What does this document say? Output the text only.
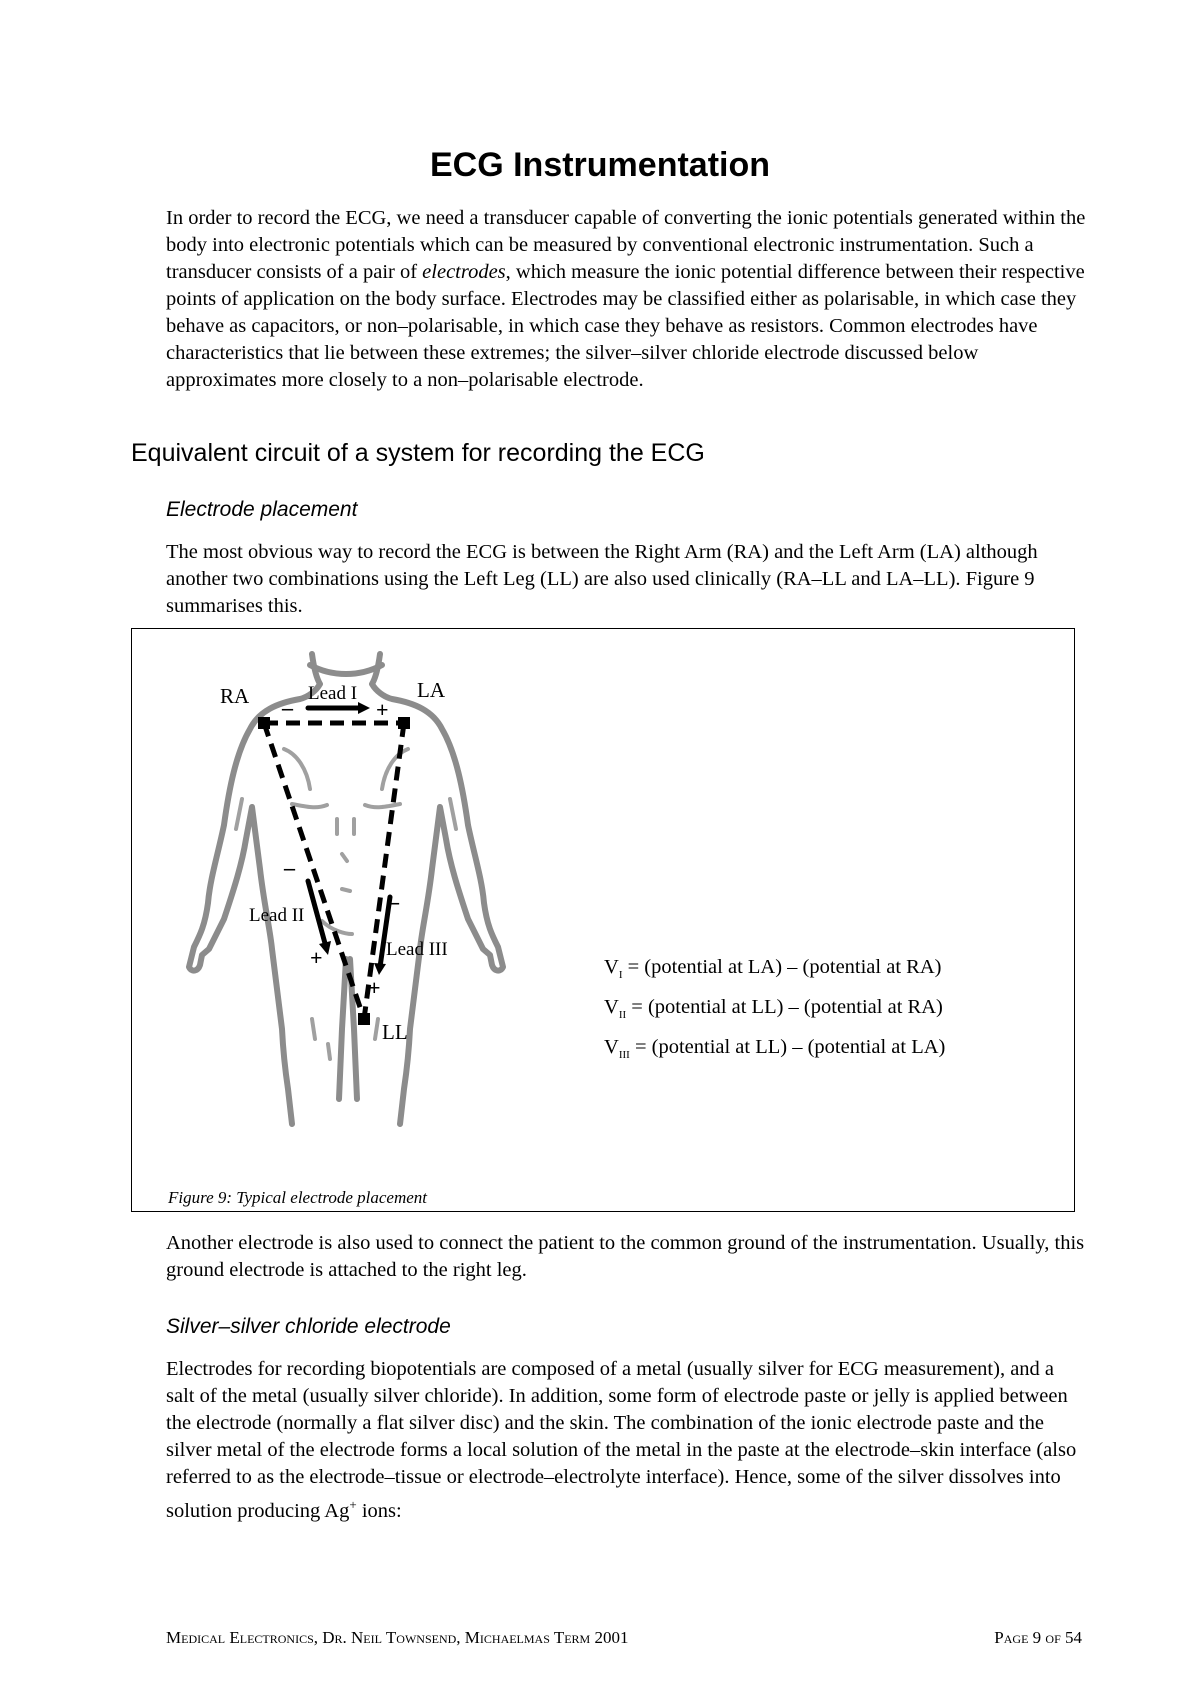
ECG Instrumentation

In order to record the ECG, we need a transducer capable of converting the ionic potentials generated within the body into electronic potentials which can be measured by conventional electronic instrumentation. Such a transducer consists of a pair of electrodes, which measure the ionic potential difference between their respective points of application on the body surface. Electrodes may be classified either as polarisable, in which case they behave as capacitors, or non–polarisable, in which case they behave as resistors. Common electrodes have characteristics that lie between these extremes; the silver–silver chloride electrode discussed below approximates more closely to a non–polarisable electrode.

Equivalent circuit of a system for recording the ECG
Electrode placement

The most obvious way to record the ECG is between the Right Arm (RA) and the Left Arm (LA) although another two combinations using the Left Leg (LL) are also used clinically (RA–LL and LA–LL). Figure 9 summarises this.

RA	LA
LL
Lead I
Lead II
Lead III
–	+
–
+
–
+
$V_I$ = (potential at LA) – (potential at RA)
$V_{II}$ = (potential at LL) – (potential at RA)
$V_{III}$ = (potential at LL) – (potential at LA)
Figure 9: Typical electrode placement

Another electrode is also used to connect the patient to the common ground of the instrumentation. Usually, this ground electrode is attached to the right leg.

Silver–silver chloride electrode

Electrodes for recording biopotentials are composed of a metal (usually silver for ECG measurement), and a salt of the metal (usually silver chloride). In addition, some form of electrode paste or jelly is applied between the electrode (normally a flat silver disc) and the skin. The combination of the ionic electrode paste and the silver metal of the electrode forms a local solution of the metal in the paste at the electrode–skin interface (also referred to as the electrode–tissue or electrode–electrolyte interface). Hence, some of the silver dissolves into solution producing Ag+ ions:

Medical Electronics, Dr. Neil Townsend, Michaelmas Term 2001	Page 9 of 54
